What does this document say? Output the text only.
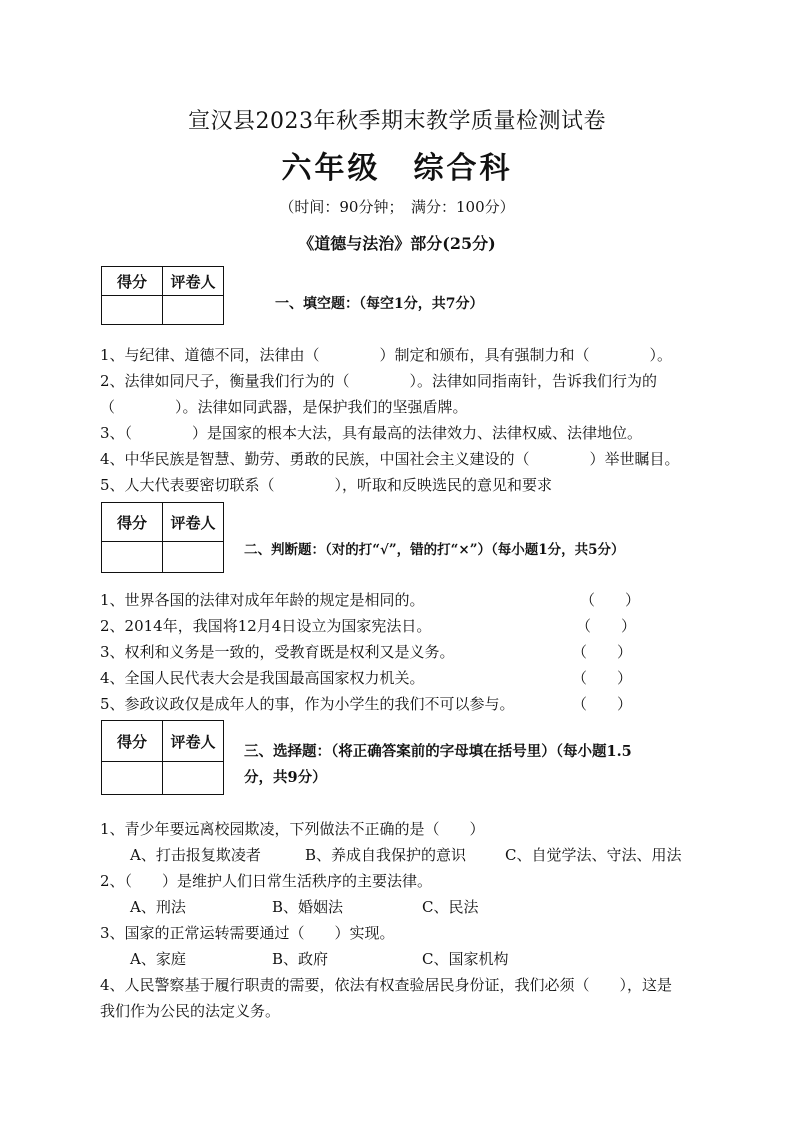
宣汉县2023年秋季期末教学质量检测试卷
六年级　综合科
（时间：90分钟；　满分：100分）
《道德与法治》部分(25分)
得分	评卷人

一、填空题：（每空1分，共7分）
1、与纪律、道德不同，法律由（　　　　）制定和颁布，具有强制力和（　　　　）。
2、法律如同尺子，衡量我们行为的（　　　　）。法律如同指南针，告诉我们行为的
（　　　　）。法律如同武器，是保护我们的坚强盾牌。
3、（　　　　）是国家的根本大法，具有最高的法律效力、法律权威、法律地位。
4、中华民族是智慧、勤劳、勇敢的民族，中国社会主义建设的（　　　　）举世瞩目。
5、人大代表要密切联系（　　　　），听取和反映选民的意见和要求
得分	评卷人

二、判断题：（对的打“√”，错的打“×”）（每小题1分，共5分）
1、世界各国的法律对成年年龄的规定是相同的。	（　　）
2、2014年，我国将12月4日设立为国家宪法日。	（　　）
3、权利和义务是一致的，受教育既是权利又是义务。	（　　）
4、全国人民代表大会是我国最高国家权力机关。	（　　）
5、参政议政仅是成年人的事，作为小学生的我们不可以参与。	（　　）
得分	评卷人

三、选择题：（将正确答案前的字母填在括号里）（每小题1.5
分，共9分）
1、青少年要远离校园欺凌，下列做法不正确的是（　　）
A、打击报复欺凌者	B、养成自我保护的意识	C、自觉学法、守法、用法
2、（　　）是维护人们日常生活秩序的主要法律。
A、刑法	B、婚姻法	C、民法
3、国家的正常运转需要通过（　　）实现。
A、家庭	B、政府	C、国家机构
4、人民警察基于履行职责的需要，依法有权查验居民身份证，我们必须（　　），这是
我们作为公民的法定义务。
